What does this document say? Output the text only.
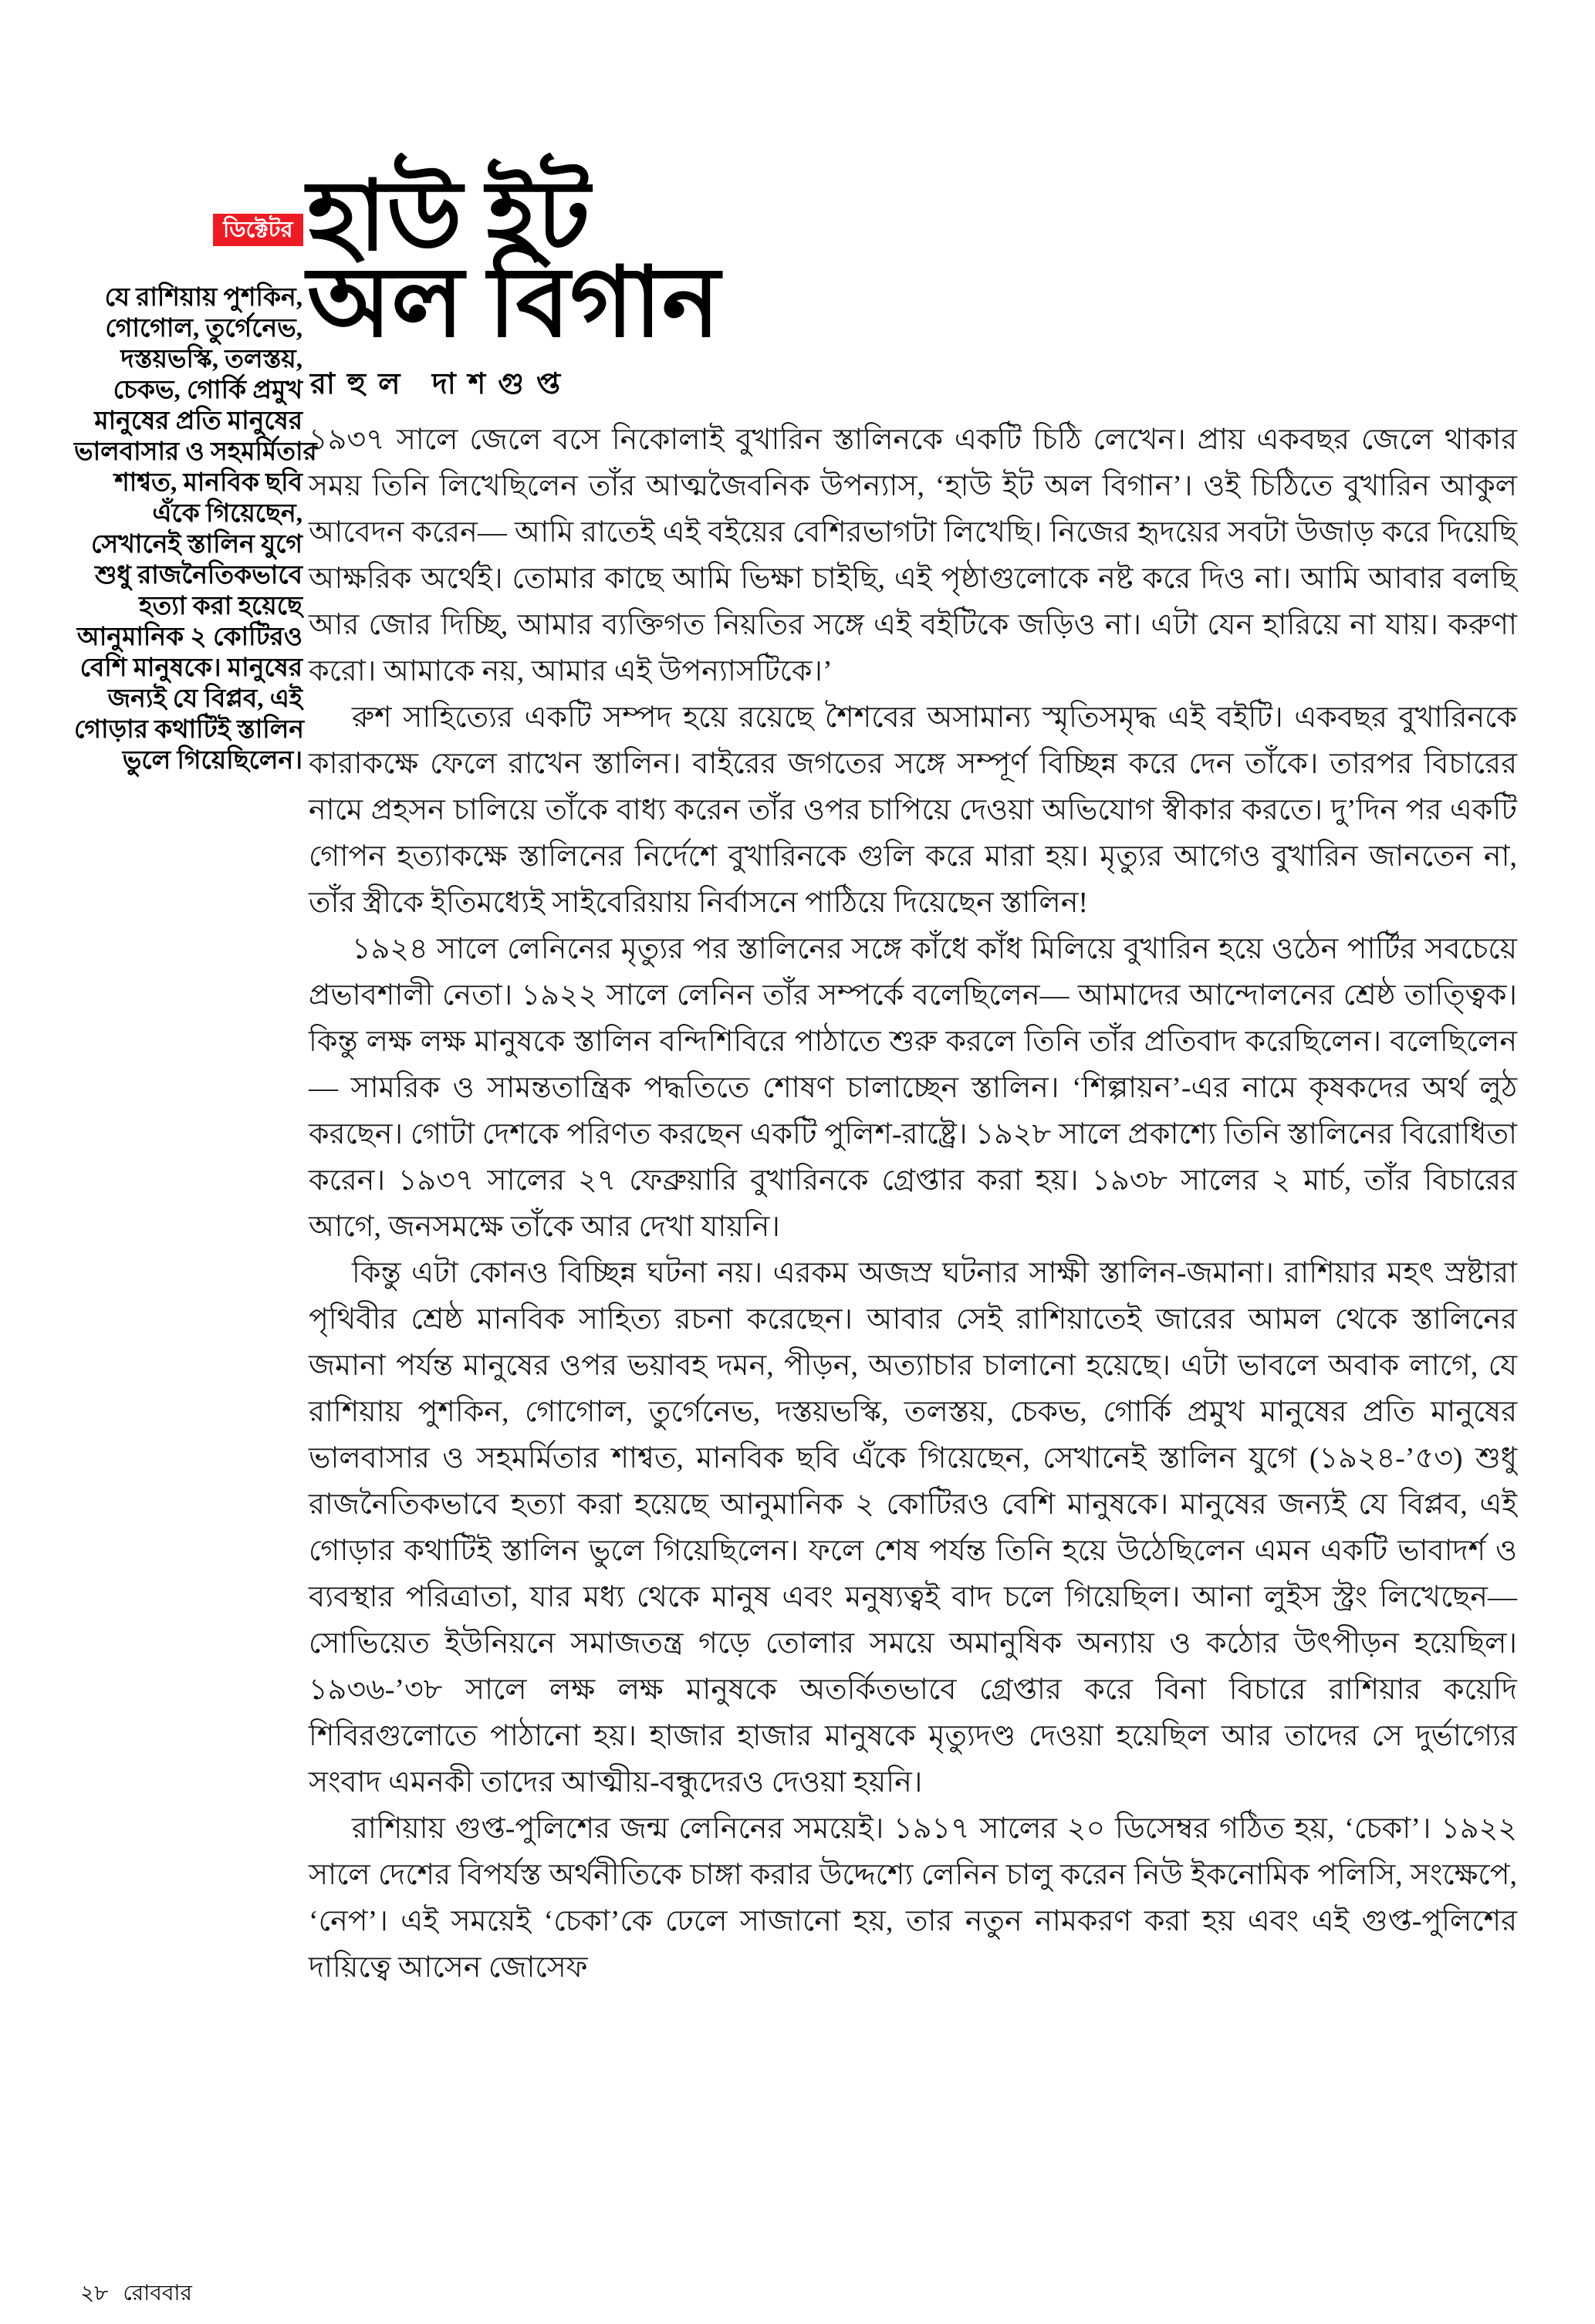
ডিক্টেটর হাউ ইট
অল বিগান
রাহুল দাশগুপ্ত
যে রাশিয়ায় পুশকিন,
গোগোল, তুর্গেনেভ,
দস্তয়ভস্কি, তলস্তয়,
চেকভ, গোর্কি প্রমুখ
মানুষের প্রতি মানুষের
ভালবাসার ও সহমর্মিতার
শাশ্বত, মানবিক ছবি
এঁকে গিয়েছেন,
সেখানেই স্তালিন যুগে
শুধু রাজনৈতিকভাবে
হত্যা করা হয়েছে
আনুমানিক ২ কোটিরও
বেশি মানুষকে। মানুষের
জন্যই যে বিপ্লব, এই
গোড়ার কথাটিই স্তালিন
ভুলে গিয়েছিলেন।

১৯৩৭ সালে জেলে বসে নিকোলাই বুখারিন স্তালিনকে একটি চিঠি লেখেন। প্রায় একবছর জেলে থাকার সময় তিনি লিখেছিলেন তাঁর আত্মজৈবনিক উপন্যাস, ‘হাউ ইট অল বিগান’। ওই চিঠিতে বুখারিন আকুল আবেদন করেন— আমি রাতেই এই বইয়ের বেশিরভাগটা লিখেছি। নিজের হৃদয়ের সবটা উজাড় করে দিয়েছি আক্ষরিক অর্থেই। তোমার কাছে আমি ভিক্ষা চাইছি, এই পৃষ্ঠাগুলোকে নষ্ট করে দিও না। আমি আবার বলছি আর জোর দিচ্ছি, আমার ব্যক্তিগত নিয়তির সঙ্গে এই বইটিকে জড়িও না। এটা যেন হারিয়ে না যায়। করুণা করো। আমাকে নয়, আমার এই উপন্যাসটিকে।’

রুশ সাহিত্যের একটি সম্পদ হয়ে রয়েছে শৈশবের অসামান্য স্মৃতিসমৃদ্ধ এই বইটি। একবছর বুখারিনকে কারাকক্ষে ফেলে রাখেন স্তালিন। বাইরের জগতের সঙ্গে সম্পূর্ণ বিচ্ছিন্ন করে দেন তাঁকে। তারপর বিচারের নামে প্রহসন চালিয়ে তাঁকে বাধ্য করেন তাঁর ওপর চাপিয়ে দেওয়া অভিযোগ স্বীকার করতে। দু’দিন পর একটি গোপন হত্যাকক্ষে স্তালিনের নির্দেশে বুখারিনকে গুলি করে মারা হয়। মৃত্যুর আগেও বুখারিন জানতেন না, তাঁর স্ত্রীকে ইতিমধ্যেই সাইবেরিয়ায় নির্বাসনে পাঠিয়ে দিয়েছেন স্তালিন!

১৯২৪ সালে লেনিনের মৃত্যুর পর স্তালিনের সঙ্গে কাঁধে কাঁধ মিলিয়ে বুখারিন হয়ে ওঠেন পার্টির সবচেয়ে প্রভাবশালী নেতা। ১৯২২ সালে লেনিন তাঁর সম্পর্কে বলেছিলেন— আমাদের আন্দোলনের শ্রেষ্ঠ তাত্ত্বিক। কিন্তু লক্ষ লক্ষ মানুষকে স্তালিন বন্দিশিবিরে পাঠাতে শুরু করলে তিনি তাঁর প্রতিবাদ করেছিলেন। বলেছিলেন— সামরিক ও সামন্ততান্ত্রিক পদ্ধতিতে শোষণ চালাচ্ছেন স্তালিন। ‘শিল্পায়ন’-এর নামে কৃষকদের অর্থ লুঠ করছেন। গোটা দেশকে পরিণত করছেন একটি পুলিশ-রাষ্ট্রে। ১৯২৮ সালে প্রকাশ্যে তিনি স্তালিনের বিরোধিতা করেন। ১৯৩৭ সালের ২৭ ফেব্রুয়ারি বুখারিনকে গ্রেপ্তার করা হয়। ১৯৩৮ সালের ২ মার্চ, তাঁর বিচারের আগে, জনসমক্ষে তাঁকে আর দেখা যায়নি।

কিন্তু এটা কোনও বিচ্ছিন্ন ঘটনা নয়। এরকম অজস্র ঘটনার সাক্ষী স্তালিন-জমানা। রাশিয়ার মহৎ স্রষ্টারা পৃথিবীর শ্রেষ্ঠ মানবিক সাহিত্য রচনা করেছেন। আবার সেই রাশিয়াতেই জারের আমল থেকে স্তালিনের জমানা পর্যন্ত মানুষের ওপর ভয়াবহ দমন, পীড়ন, অত্যাচার চালানো হয়েছে। এটা ভাবলে অবাক লাগে, যে রাশিয়ায় পুশকিন, গোগোল, তুর্গেনেভ, দস্তয়ভস্কি, তলস্তয়, চেকভ, গোর্কি প্রমুখ মানুষের প্রতি মানুষের ভালবাসার ও সহমর্মিতার শাশ্বত, মানবিক ছবি এঁকে গিয়েছেন, সেখানেই স্তালিন যুগে (১৯২৪-’৫৩) শুধু রাজনৈতিকভাবে হত্যা করা হয়েছে আনুমানিক ২ কোটিরও বেশি মানুষকে। মানুষের জন্যই যে বিপ্লব, এই গোড়ার কথাটিই স্তালিন ভুলে গিয়েছিলেন। ফলে শেষ পর্যন্ত তিনি হয়ে উঠেছিলেন এমন একটি ভাবাদর্শ ও ব্যবস্থার পরিত্রাতা, যার মধ্য থেকে মানুষ এবং মনুষ্যত্বই বাদ চলে গিয়েছিল। আনা লুইস স্ট্রং লিখেছেন— সোভিয়েত ইউনিয়নে সমাজতন্ত্র গড়ে তোলার সময়ে অমানুষিক অন্যায় ও কঠোর উৎপীড়ন হয়েছিল। ১৯৩৬-’৩৮ সালে লক্ষ লক্ষ মানুষকে অতর্কিতভাবে গ্রেপ্তার করে বিনা বিচারে রাশিয়ার কয়েদি শিবিরগুলোতে পাঠানো হয়। হাজার হাজার মানুষকে মৃত্যুদণ্ড দেওয়া হয়েছিল আর তাদের সে দুর্ভাগ্যের সংবাদ এমনকী তাদের আত্মীয়-বন্ধুদেরও দেওয়া হয়নি।

রাশিয়ায় গুপ্ত-পুলিশের জন্ম লেনিনের সময়েই। ১৯১৭ সালের ২০ ডিসেম্বর গঠিত হয়, ‘চেকা’। ১৯২২ সালে দেশের বিপর্যস্ত অর্থনীতিকে চাঙ্গা করার উদ্দেশ্যে লেনিন চালু করেন নিউ ইকনোমিক পলিসি, সংক্ষেপে, ‘নেপ’। এই সময়েই ‘চেকা’কে ঢেলে সাজানো হয়, তার নতুন নামকরণ করা হয় এবং এই গুপ্ত-পুলিশের দায়িত্বে আসেন জোসেফ

২৮ রোববার
